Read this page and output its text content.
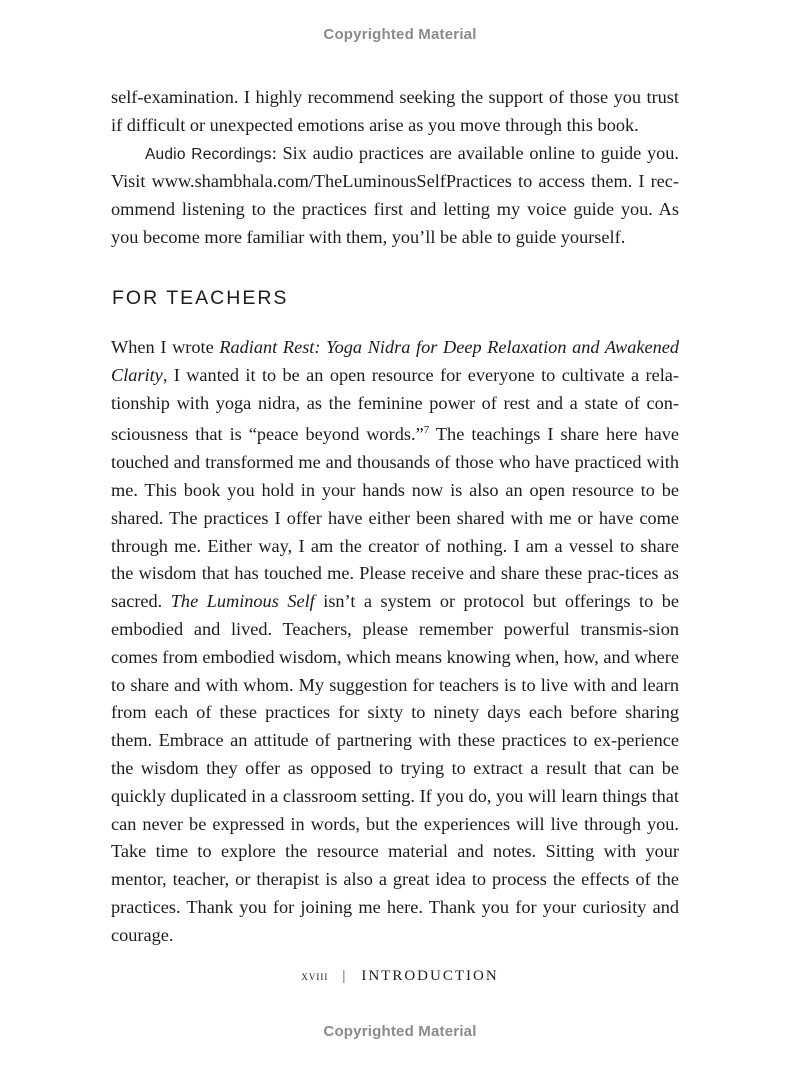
Copyrighted Material

self-examination. I highly recommend seeking the support of those you trust if difficult or unexpected emotions arise as you move through this book.

Audio Recordings: Six audio practices are available online to guide you. Visit www.shambhala.com/TheLuminousSelfPractices to access them. I rec-ommend listening to the practices first and letting my voice guide you. As you become more familiar with them, you’ll be able to guide yourself.

FOR TEACHERS

When I wrote Radiant Rest: Yoga Nidra for Deep Relaxation and Awakened Clarity, I wanted it to be an open resource for everyone to cultivate a rela-tionship with yoga nidra, as the feminine power of rest and a state of con-sciousness that is “peace beyond words.”$^7$ The teachings I share here have touched and transformed me and thousands of those who have practiced with me. This book you hold in your hands now is also an open resource to be shared. The practices I offer have either been shared with me or have come through me. Either way, I am the creator of nothing. I am a vessel to share the wisdom that has touched me. Please receive and share these prac-tices as sacred. The Luminous Self isn’t a system or protocol but offerings to be embodied and lived. Teachers, please remember powerful transmis-sion comes from embodied wisdom, which means knowing when, how, and where to share and with whom. My suggestion for teachers is to live with and learn from each of these practices for sixty to ninety days each before sharing them. Embrace an attitude of partnering with these practices to ex-perience the wisdom they offer as opposed to trying to extract a result that can be quickly duplicated in a classroom setting. If you do, you will learn things that can never be expressed in words, but the experiences will live through you. Take time to explore the resource material and notes. Sitting with your mentor, teacher, or therapist is also a great idea to process the effects of the practices. Thank you for joining me here. Thank you for your curiosity and courage.

xviii | INTRODUCTION
Copyrighted Material
